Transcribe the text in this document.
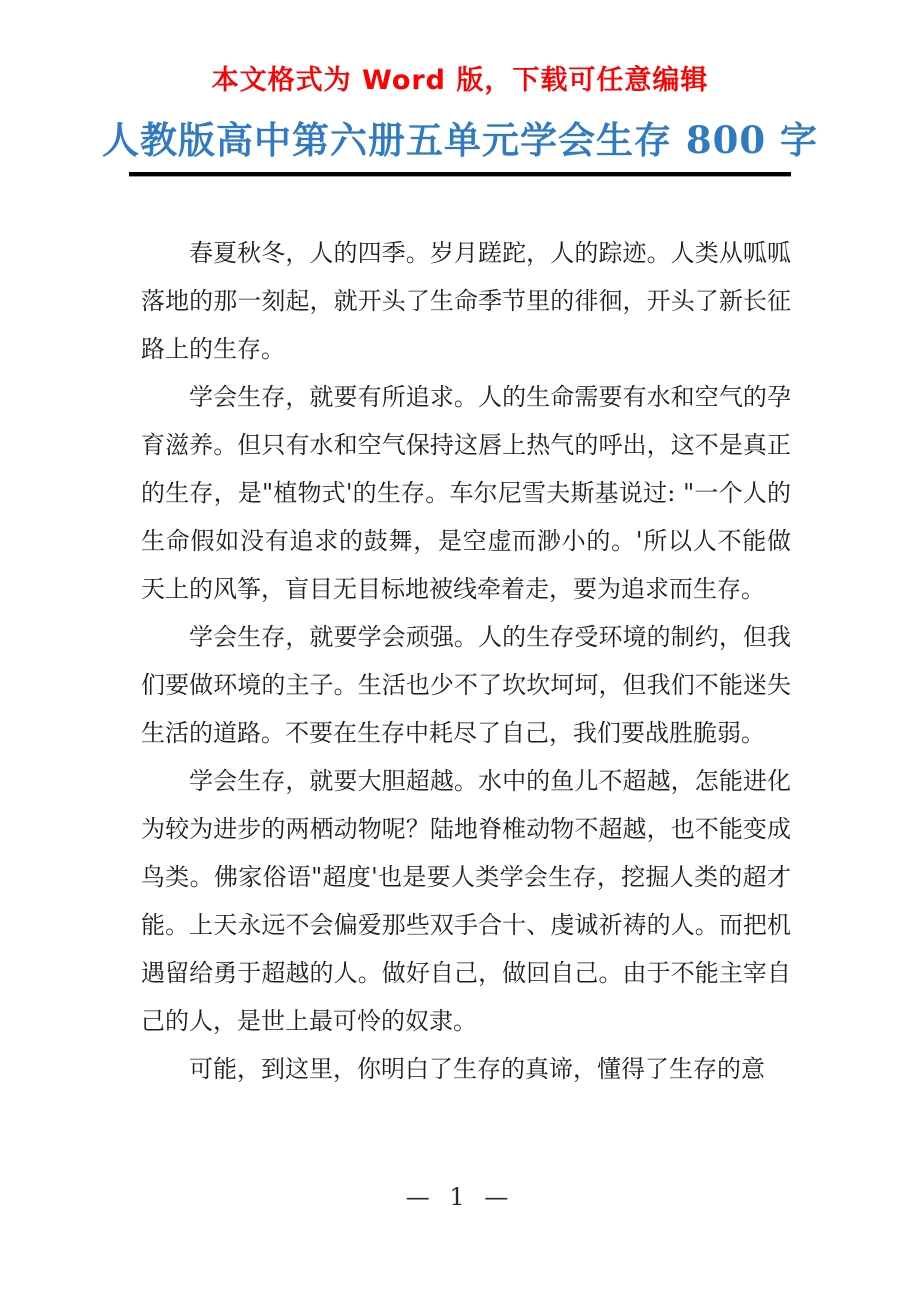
本文格式为 Word 版，下载可任意编辑
人教版高中第六册五单元学会生存 800 字

春夏秋冬，人的四季。岁月蹉跎，人的踪迹。人类从呱呱落地的那一刻起，就开头了生命季节里的徘徊，开头了新长征路上的生存。

学会生存，就要有所追求。人的生命需要有水和空气的孕育滋养。但只有水和空气保持这唇上热气的呼出，这不是真正的生存，是"植物式'的生存。车尔尼雪夫斯基说过: "一个人的生命假如没有追求的鼓舞，是空虚而渺小的。'所以人不能做天上的风筝，盲目无目标地被线牵着走，要为追求而生存。

学会生存，就要学会顽强。人的生存受环境的制约，但我们要做环境的主子。生活也少不了坎坎坷坷，但我们不能迷失生活的道路。不要在生存中耗尽了自己，我们要战胜脆弱。

学会生存，就要大胆超越。水中的鱼儿不超越，怎能进化为较为进步的两栖动物呢？陆地脊椎动物不超越，也不能变成鸟类。佛家俗语"超度'也是要人类学会生存，挖掘人类的超才能。上天永远不会偏爱那些双手合十、虔诚祈祷的人。而把机遇留给勇于超越的人。做好自己，做回自己。由于不能主宰自己的人，是世上最可怜的奴隶。

可能，到这里，你明白了生存的真谛，懂得了生存的意

— 1 —
